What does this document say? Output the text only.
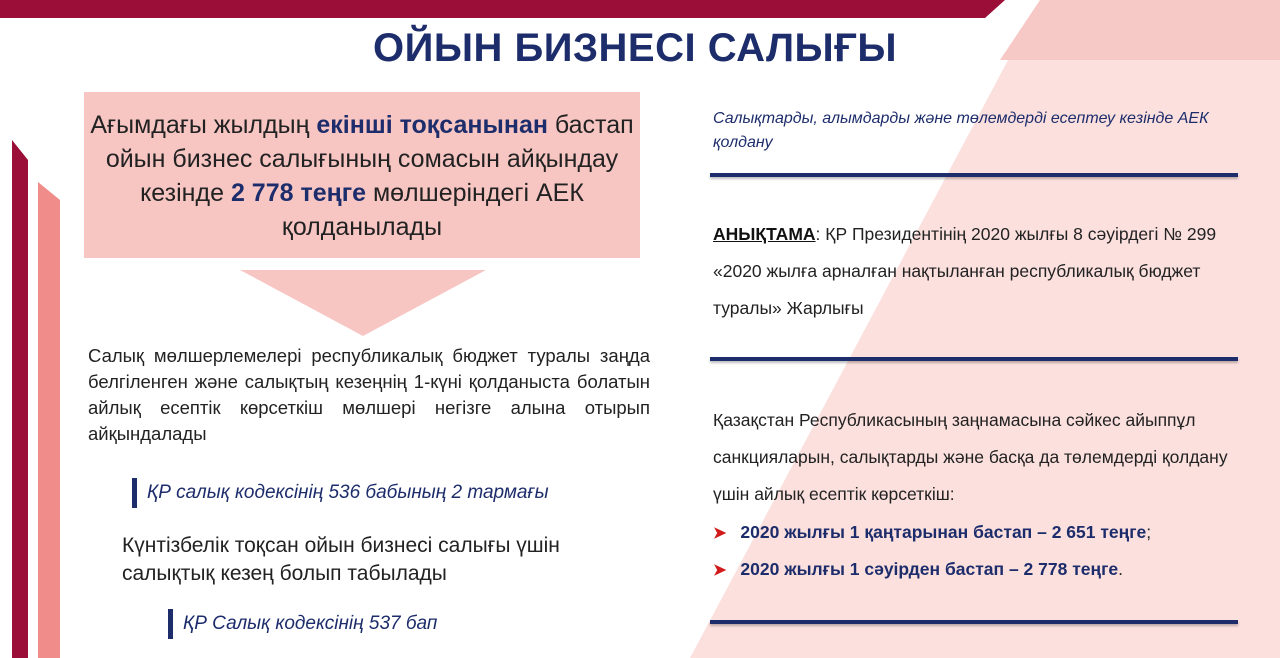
ОЙЫН БИЗНЕСІ САЛЫҒЫ
Ағымдағы жылдың екінші тоқсанынан бастап ойын бизнес салығының сомасын айқындау кезінде 2 778 теңге мөлшеріндегі АЕК қолданылады
Салық мөлшерлемелері республикалық бюджет туралы заңда белгіленген және салықтың кезеңнің 1-күні қолданыста болатын айлық есептік көрсеткіш мөлшері негізге алына отырып айқындалады
ҚР салық кодексінің 536 бабының 2 тармағы
Күнтізбелік тоқсан ойын бизнесі салығы үшін салықтық кезең болып табылады
ҚР Салық кодексінің 537 бап
Салықтарды, алымдарды және төлемдерді есептеу кезінде АЕК қолдану
АНЫҚТАМА: ҚР Президентінің 2020 жылғы 8 сәуірдегі № 299 «2020 жылға арналған нақтыланған республикалық бюджет туралы» Жарлығы
Қазақстан Республикасының заңнамасына сәйкес айыппұл санкцияларын, салықтарды және басқа да төлемдерді қолдану үшін айлық есептік көрсеткіш:
➤ 2020 жылғы 1 қаңтарынан бастап – 2 651 теңге;
➤ 2020 жылғы 1 сәуірден бастап – 2 778 теңге.
